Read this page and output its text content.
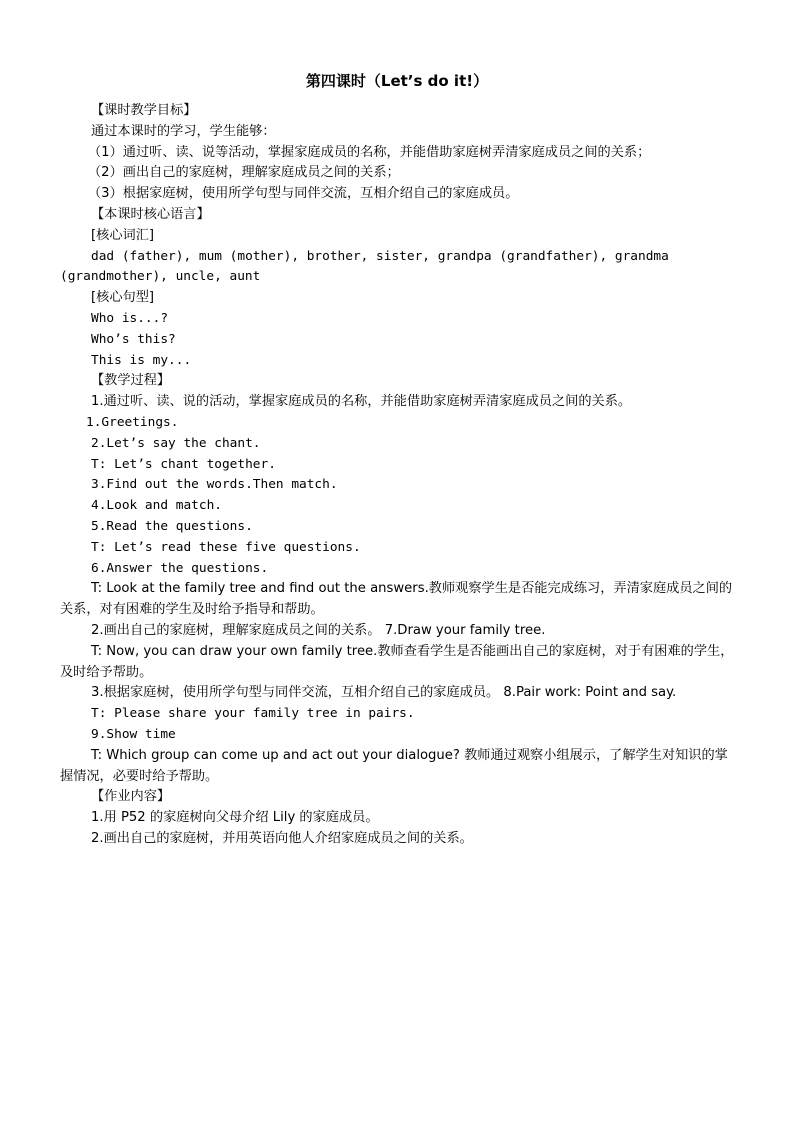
第四课时（Let’s do it!）

【课时教学目标】

通过本课时的学习，学生能够：

（1）通过听、读、说等活动，掌握家庭成员的名称，并能借助家庭树弄清家庭成员之间的关系；

（2）画出自己的家庭树，理解家庭成员之间的关系；

（3）根据家庭树，使用所学句型与同伴交流，互相介绍自己的家庭成员。

【本课时核心语言】

[核心词汇]

dad (father), mum (mother), brother, sister, grandpa (grandfather), grandma (grandmother), uncle, aunt

[核心句型]

Who is...?

Who’s this?

This is my...

【教学过程】

1.通过听、读、说的活动，掌握家庭成员的名称，并能借助家庭树弄清家庭成员之间的关系。

1.Greetings.

2.Let’s say the chant.

T: Let’s chant together.

3.Find out the words.Then match.

4.Look and match.

5.Read the questions.

T: Let’s read these five questions.

6.Answer the questions.

T: Look at the family tree and find out the answers.教师观察学生是否能完成练习，弄清家庭成员之间的关系，对有困难的学生及时给予指导和帮助。

2.画出自己的家庭树，理解家庭成员之间的关系。 7.Draw your family tree.

T: Now, you can draw your own family tree.教师查看学生是否能画出自己的家庭树，对于有困难的学生，及时给予帮助。

3.根据家庭树，使用所学句型与同伴交流，互相介绍自己的家庭成员。 8.Pair work: Point and say.

T: Please share your family tree in pairs.

9.Show time

T: Which group can come up and act out your dialogue? 教师通过观察小组展示，了解学生对知识的掌握情况，必要时给予帮助。

【作业内容】

1.用 P52 的家庭树向父母介绍 Lily 的家庭成员。

2.画出自己的家庭树，并用英语向他人介绍家庭成员之间的关系。
